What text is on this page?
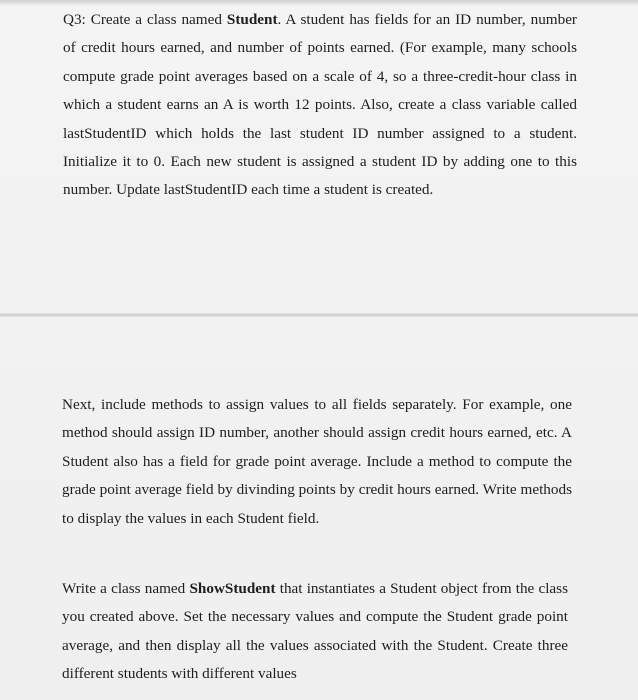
Q3: Create a class named Student. A student has fields for an ID number, number of credit hours earned, and number of points earned. (For example, many schools compute grade point averages based on a scale of 4, so a three-credit-hour class in which a student earns an A is worth 12 points. Also, create a class variable called lastStudentID which holds the last student ID number assigned to a student. Initialize it to 0. Each new student is assigned a student ID by adding one to this number. Update lastStudentID each time a student is created.

Next, include methods to assign values to all fields separately. For example, one method should assign ID number, another should assign credit hours earned, etc. A Student also has a field for grade point average. Include a method to compute the grade point average field by divinding points by credit hours earned. Write methods to display the values in each Student field.

Write a class named ShowStudent that instantiates a Student object from the class you created above. Set the necessary values and compute the Student grade point average, and then display all the values associated with the Student. Create three different students with different values
